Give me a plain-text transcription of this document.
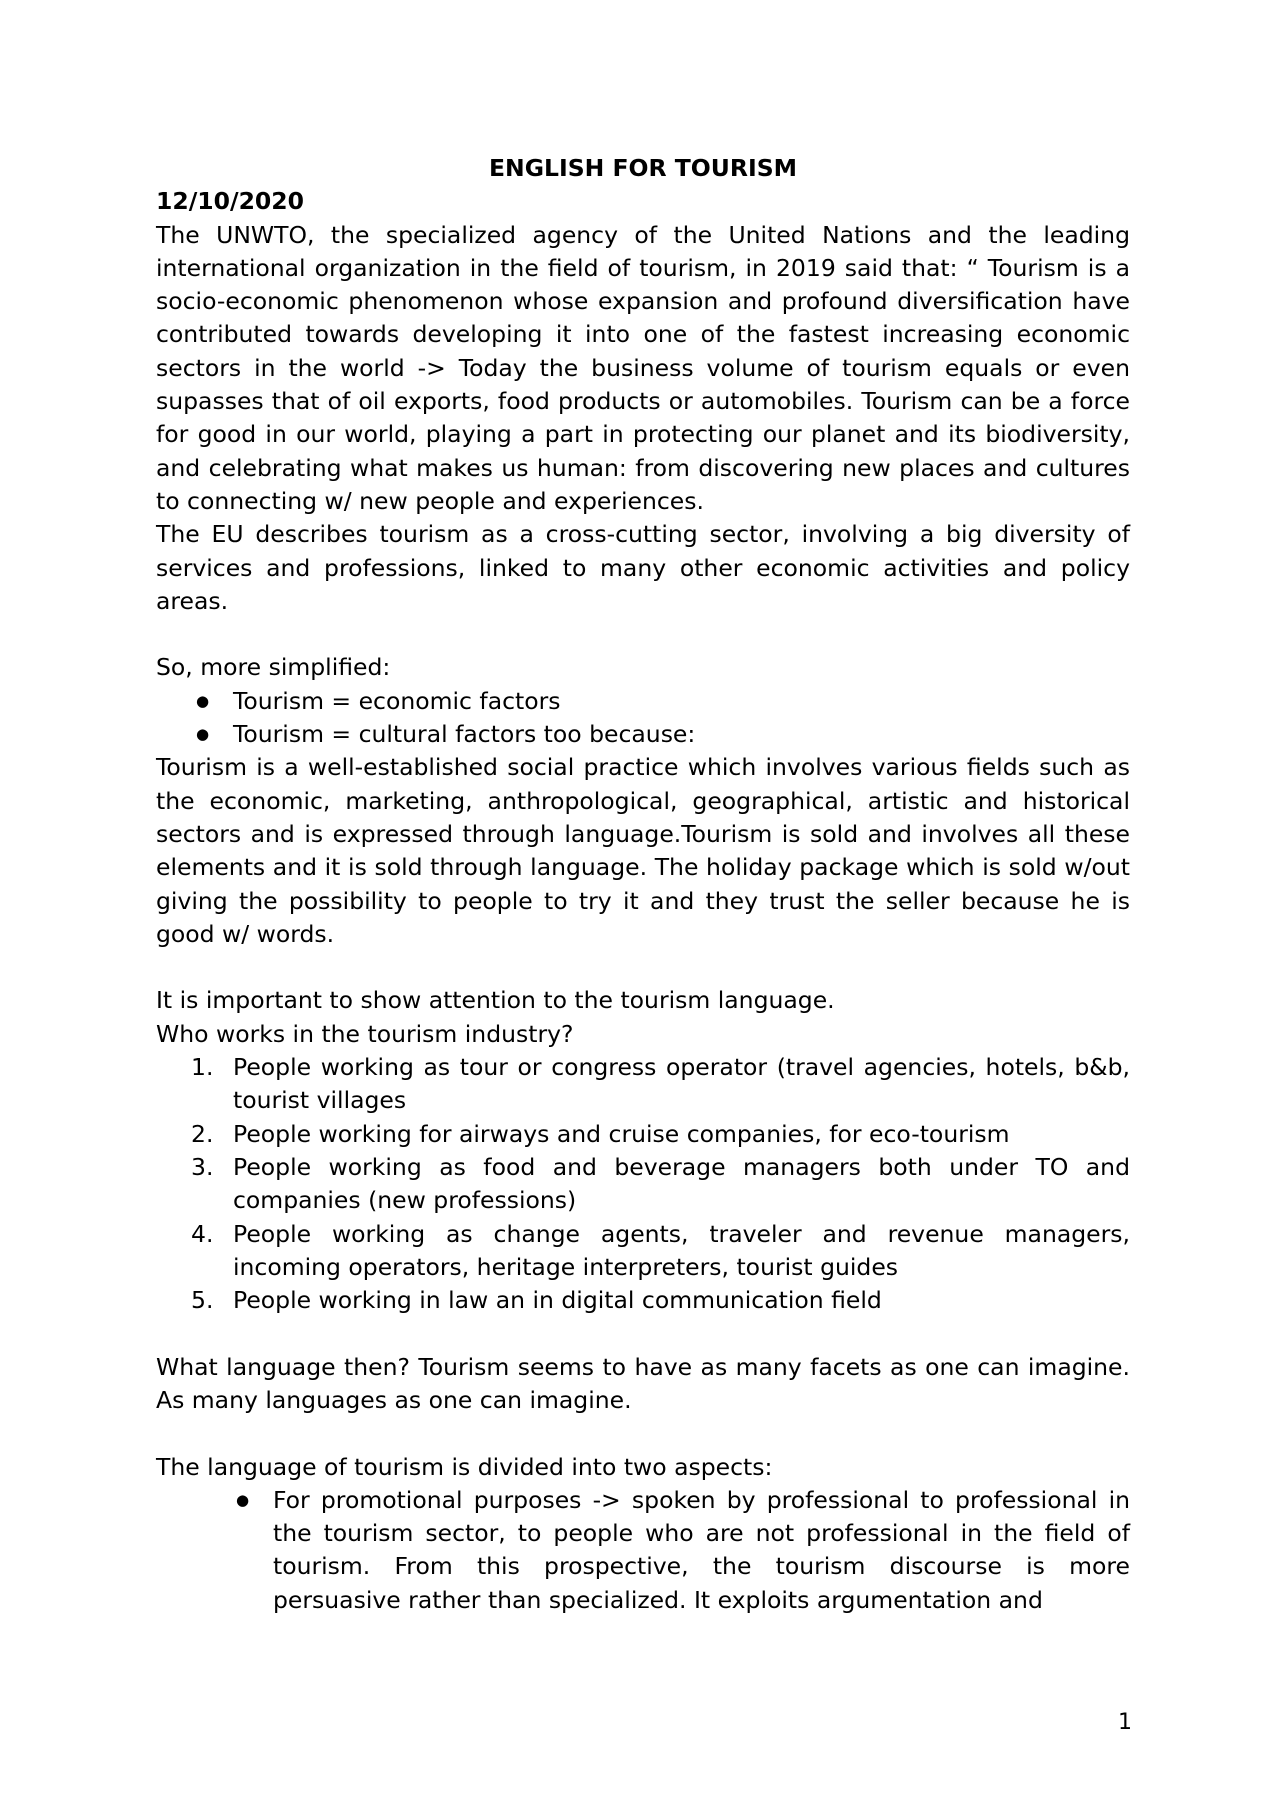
ENGLISH FOR TOURISM
12/10/2020

The UNWTO, the specialized agency of the United Nations and the leading international organization in the field of tourism, in 2019 said that: “ Tourism is a socio-economic phenomenon whose expansion and profound diversification have contributed towards developing it into one of the fastest increasing economic sectors in the world -> Today the business volume of tourism equals or even supasses that of oil exports, food products or automobiles. Tourism can be a force for good in our world, playing a part in protecting our planet and its biodiversity, and celebrating what makes us human: from discovering new places and cultures to connecting w/ new people and experiences.

The EU describes tourism as a cross-cutting sector, involving a big diversity of services and professions, linked to many other economic activities and policy areas.

So, more simplified:

● Tourism = economic factors
● Tourism = cultural factors too because:

Tourism is a well-established social practice which involves various fields such as the economic, marketing, anthropological, geographical, artistic and historical sectors and is expressed through language.Tourism is sold and involves all these elements and it is sold through language. The holiday package which is sold w/out giving the possibility to people to try it and they trust the seller because he is good w/ words.

It is important to show attention to the tourism language.

Who works in the tourism industry?

1. People working as tour or congress operator (travel agencies, hotels, b&b, tourist villages
2. People working for airways and cruise companies, for eco-tourism
3. People working as food and beverage managers both under TO and companies (new professions)
4. People working as change agents, traveler and revenue managers, incoming operators, heritage interpreters, tourist guides
5. People working in law an in digital communication field

What language then? Tourism seems to have as many facets as one can imagine. As many languages as one can imagine.

The language of tourism is divided into two aspects:

● For promotional purposes -> spoken by professional to professional in the tourism sector, to people who are not professional in the field of tourism. From this prospective, the tourism discourse is more persuasive rather than specialized. It exploits argumentation and
1
